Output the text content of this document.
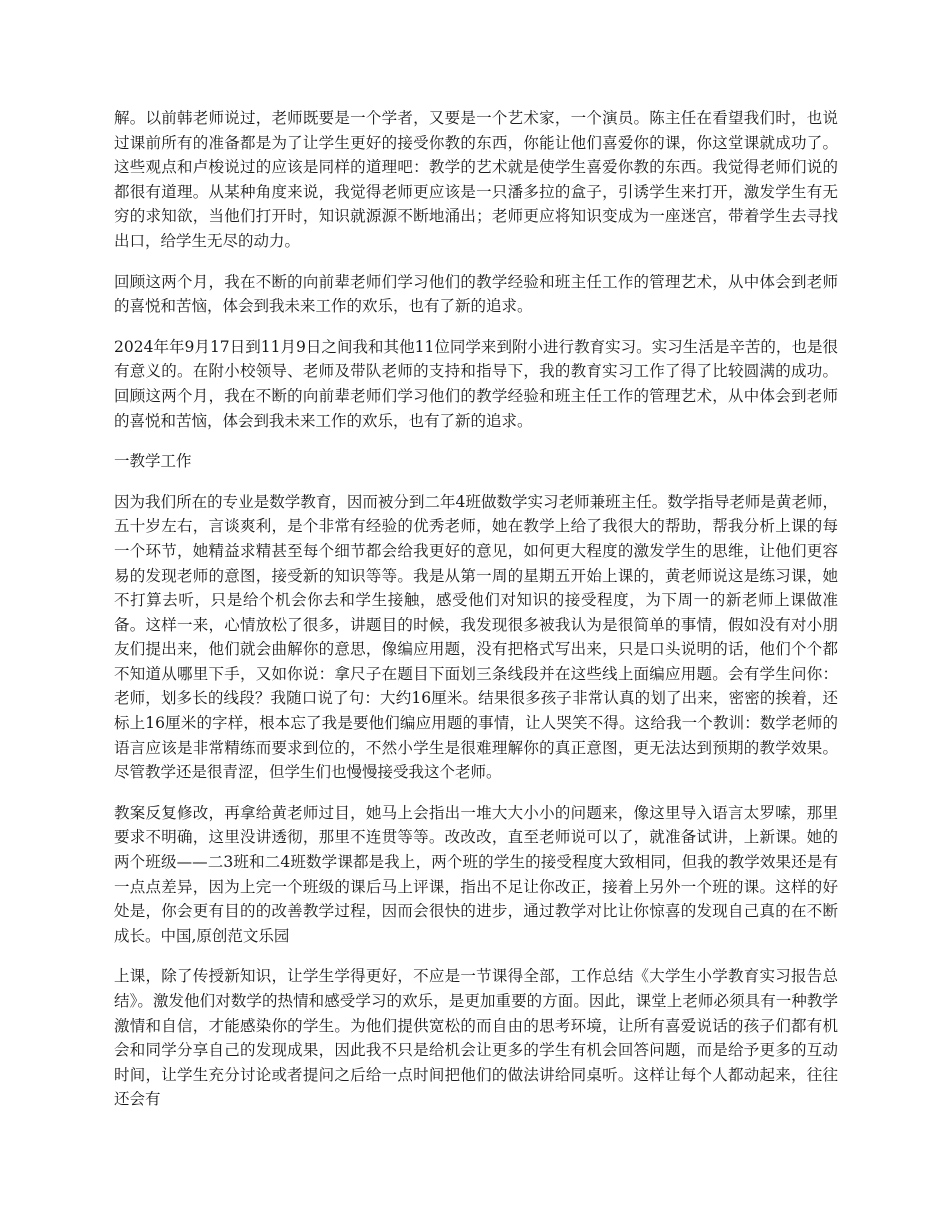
解。以前韩老师说过，老师既要是一个学者，又要是一个艺术家，一个演员。陈主任在看望我们时，也说过课前所有的准备都是为了让学生更好的接受你教的东西，你能让他们喜爱你的课，你这堂课就成功了。这些观点和卢梭说过的应该是同样的道理吧：教学的艺术就是使学生喜爱你教的东西。我觉得老师们说的都很有道理。从某种角度来说，我觉得老师更应该是一只潘多拉的盒子，引诱学生来打开，激发学生有无穷的求知欲，当他们打开时，知识就源源不断地涌出；老师更应将知识变成为一座迷宫，带着学生去寻找出口，给学生无尽的动力。

回顾这两个月，我在不断的向前辈老师们学习他们的教学经验和班主任工作的管理艺术，从中体会到老师的喜悦和苦恼，体会到我未来工作的欢乐，也有了新的追求。

2024年年9月17日到11月9日之间我和其他11位同学来到附小进行教育实习。实习生活是辛苦的，也是很有意义的。在附小校领导、老师及带队老师的支持和指导下，我的教育实习工作了得了比较圆满的成功。回顾这两个月，我在不断的向前辈老师们学习他们的教学经验和班主任工作的管理艺术，从中体会到老师的喜悦和苦恼，体会到我未来工作的欢乐，也有了新的追求。

一教学工作

因为我们所在的专业是数学教育，因而被分到二年4班做数学实习老师兼班主任。数学指导老师是黄老师，五十岁左右，言谈爽利，是个非常有经验的优秀老师，她在教学上给了我很大的帮助，帮我分析上课的每一个环节，她精益求精甚至每个细节都会给我更好的意见，如何更大程度的激发学生的思维，让他们更容易的发现老师的意图，接受新的知识等等。我是从第一周的星期五开始上课的，黄老师说这是练习课，她不打算去听，只是给个机会你去和学生接触，感受他们对知识的接受程度，为下周一的新老师上课做准备。这样一来，心情放松了很多，讲题目的时候，我发现很多被我认为是很简单的事情，假如没有对小朋友们提出来，他们就会曲解你的意思，像编应用题，没有把格式写出来，只是口头说明的话，他们个个都不知道从哪里下手，又如你说：拿尺子在题目下面划三条线段并在这些线上面编应用题。会有学生问你：老师，划多长的线段？我随口说了句：大约16厘米。结果很多孩子非常认真的划了出来，密密的挨着，还标上16厘米的字样，根本忘了我是要他们编应用题的事情，让人哭笑不得。这给我一个教训：数学老师的语言应该是非常精练而要求到位的，不然小学生是很难理解你的真正意图，更无法达到预期的教学效果。尽管教学还是很青涩，但学生们也慢慢接受我这个老师。

教案反复修改，再拿给黄老师过目，她马上会指出一堆大大小小的问题来，像这里导入语言太罗嗦，那里要求不明确，这里没讲透彻，那里不连贯等等。改改改，直至老师说可以了，就准备试讲，上新课。她的两个班级——二3班和二4班数学课都是我上，两个班的学生的接受程度大致相同，但我的教学效果还是有一点点差异，因为上完一个班级的课后马上评课，指出不足让你改正，接着上另外一个班的课。这样的好处是，你会更有目的的改善教学过程，因而会很快的进步，通过教学对比让你惊喜的发现自己真的在不断成长。中国,原创范文乐园

上课，除了传授新知识，让学生学得更好，不应是一节课得全部，工作总结《大学生小学教育实习报告总结》。激发他们对数学的热情和感受学习的欢乐，是更加重要的方面。因此，课堂上老师必须具有一种教学激情和自信，才能感染你的学生。为他们提供宽松的而自由的思考环境，让所有喜爱说话的孩子们都有机会和同学分享自己的发现成果，因此我不只是给机会让更多的学生有机会回答问题，而是给予更多的互动时间，让学生充分讨论或者提问之后给一点时间把他们的做法讲给同桌听。这样让每个人都动起来，往往还会有
